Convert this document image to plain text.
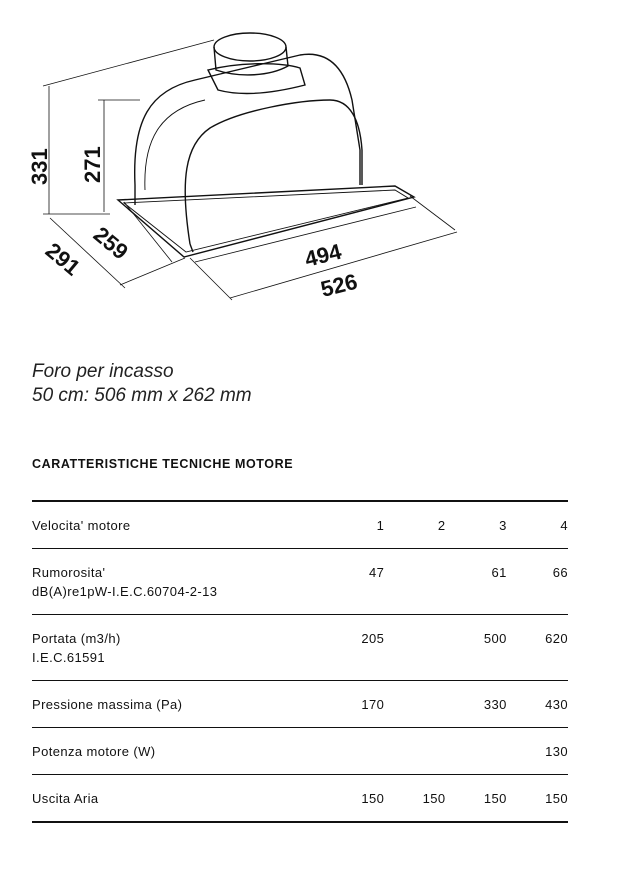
331 271
259
291	494
526
Foro per incasso
50 cm: 506 mm x 262 mm
CARATTERISTICHE TECNICHE MOTORE
Velocita' motore	1	2	3	4

Rumorosita'
dB(A)re1pW-I.E.C.60704-2-13	47		61	66

Portata (m3/h)
I.E.C.61591	205		500	620

Pressione massima (Pa)	170		330	430

Potenza motore (W)				130

Uscita Aria	150	150	150	150
